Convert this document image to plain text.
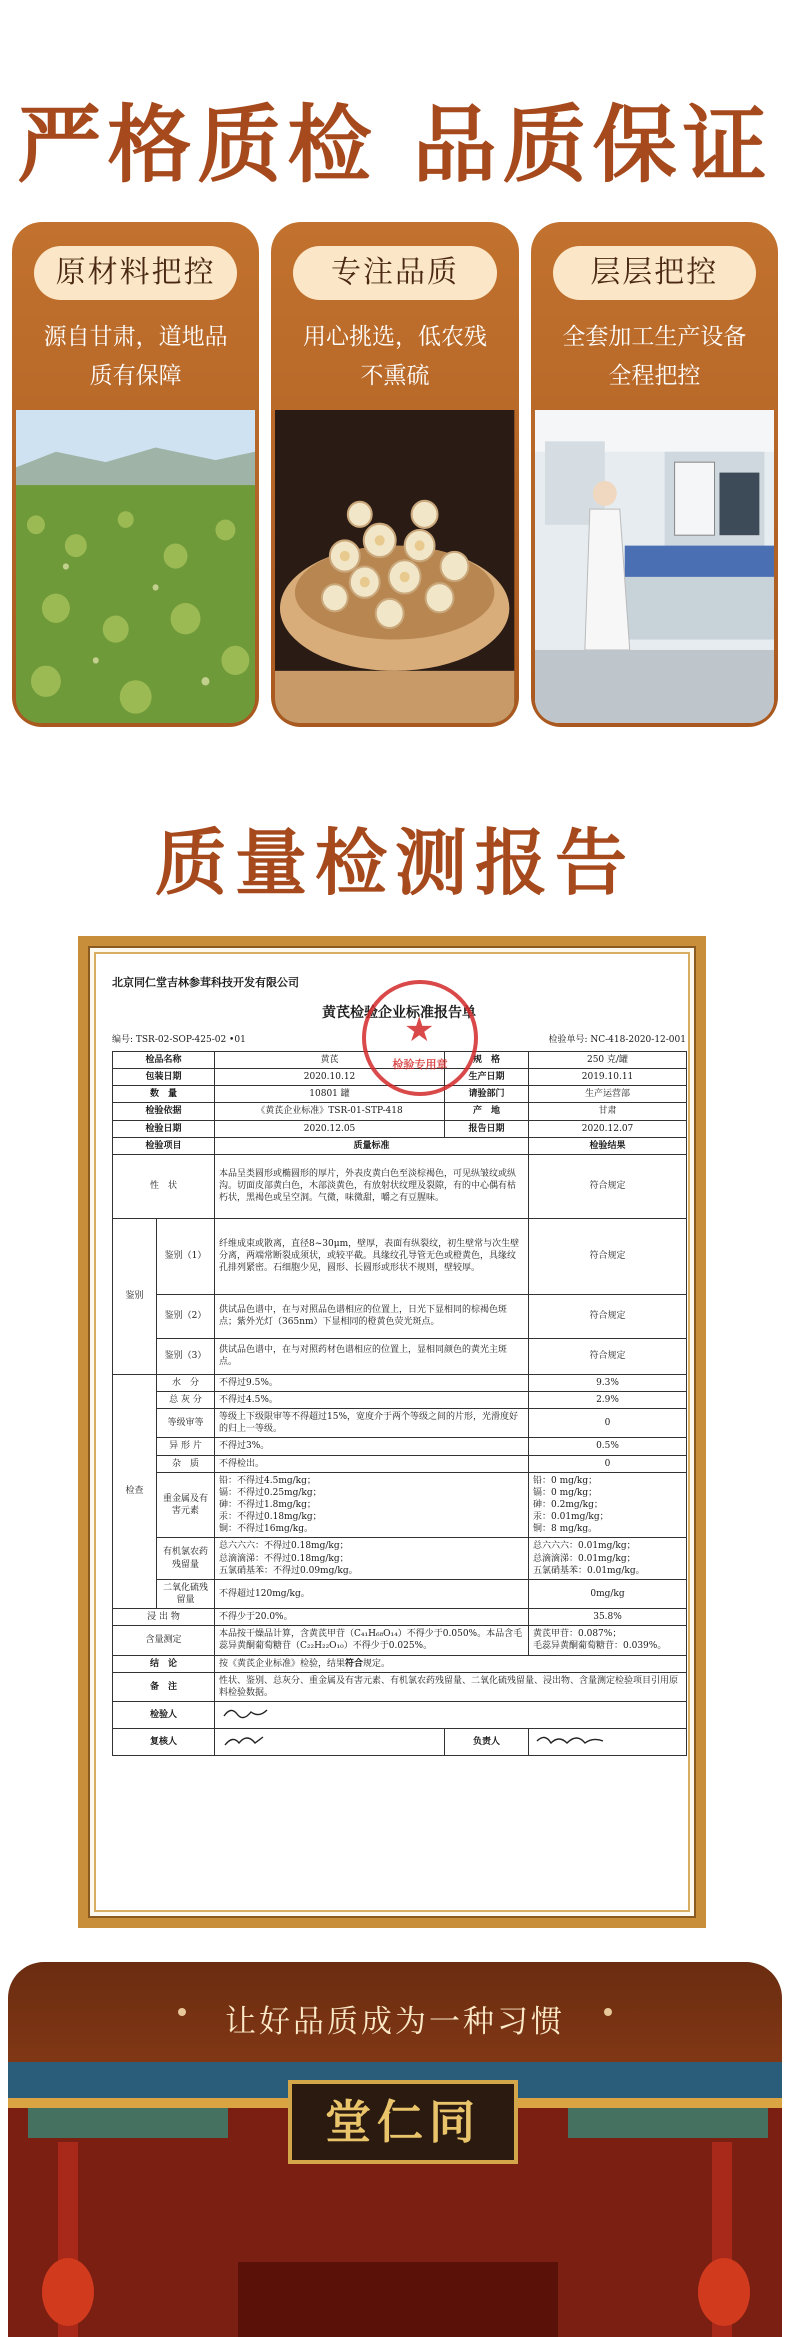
严格质检 品质保证
原材料把控
源自甘肃，道地品
质有保障
专注品质
用心挑选，低农残
不熏硫
层层把控
全套加工生产设备
全程把控
质量检测报告
北京同仁堂吉林参茸科技开发有限公司
黄芪检验企业标准报告单
编号: TSR-02-SOP-425-02 •01	检验单号: NC-418-2020-12-001
★
检验专用章
检品名称		黄芪	规　格	250 克/罐
包装日期		2020.10.12	生产日期	2019.10.11
数　量		10801 罐	请验部门	生产运营部
检验依据		《黄芪企业标准》TSR-01-STP-418	产　地	甘肃
检验日期		2020.12.05	报告日期	2020.12.07
检验项目		质量标准		检验结果
性　状		本品呈类圆形或椭圆形的厚片，外表皮黄白色至淡棕褐色，可见纵皱纹或纵沟。切面皮部黄白色，木部淡黄色，有放射状纹理及裂隙，有的中心偶有枯朽状，黑褐色或呈空洞。气微，味微甜，嚼之有豆腥味。		符合规定
鉴别	鉴别（1）	纤维成束或散离，直径8~30μm，壁厚，表面有纵裂纹，初生壁常与次生壁分离，两端常断裂成须状，或较平截。具缘纹孔导管无色或橙黄色，具缘纹孔排列紧密。石细胞少见，圆形、长圆形或形状不规则，壁较厚。		符合规定
	鉴别（2）	供试品色谱中，在与对照品色谱相应的位置上，日光下显相同的棕褐色斑点；紫外光灯（365nm）下显相同的橙黄色荧光斑点。		符合规定
	鉴别（3）	供试品色谱中，在与对照药材色谱相应的位置上，显相同颜色的黄光主斑点。		符合规定
检查	水　分	不得过9.5%。		9.3%
	总 灰 分	不得过4.5%。		2.9%
	等级审等	等级上下级限审等不得超过15%，宽度介于两个等级之间的片形，光滑度好的归上一等级。		0
	异 形 片	不得过3%。		0.5%
	杂　质	不得检出。		0
	重金属及有害元素	铅：不得过4.5mg/kg；
镉：不得过0.25mg/kg；
砷：不得过1.8mg/kg；
汞：不得过0.18mg/kg；
铜：不得过16mg/kg。		铅：0 mg/kg；
镉：0 mg/kg；
砷：0.2mg/kg；
汞：0.01mg/kg；
铜：8 mg/kg。
	有机氯农药残留量	总六六六：不得过0.18mg/kg；
总滴滴涕：不得过0.18mg/kg；
五氯硝基苯：不得过0.09mg/kg。		总六六六：0.01mg/kg；
总滴滴涕：0.01mg/kg；
五氯硝基苯：0.01mg/kg。
	二氧化硫残留量	不得超过120mg/kg。		0mg/kg
浸 出 物		不得少于20.0%。		35.8%
含量测定		本品按干燥品计算，含黄芪甲苷（C₄₁H₆₈O₁₄）不得少于0.050%。本品含毛蕊异黄酮葡萄糖苷（C₂₂H₂₂O₁₀）不得少于0.025%。		黄芪甲苷：0.087%；
毛蕊异黄酮葡萄糖苷：0.039%。
结　论		按《黄芪企业标准》检验，结果符合规定。		
备　注		性状、鉴别、总灰分、重金属及有害元素、有机氯农药残留量、二氧化硫残留量、浸出物、含量测定检验项目引用原料检验数据。		
检验人	
复核人			负责人	
让好品质成为一种习惯
堂仁同
